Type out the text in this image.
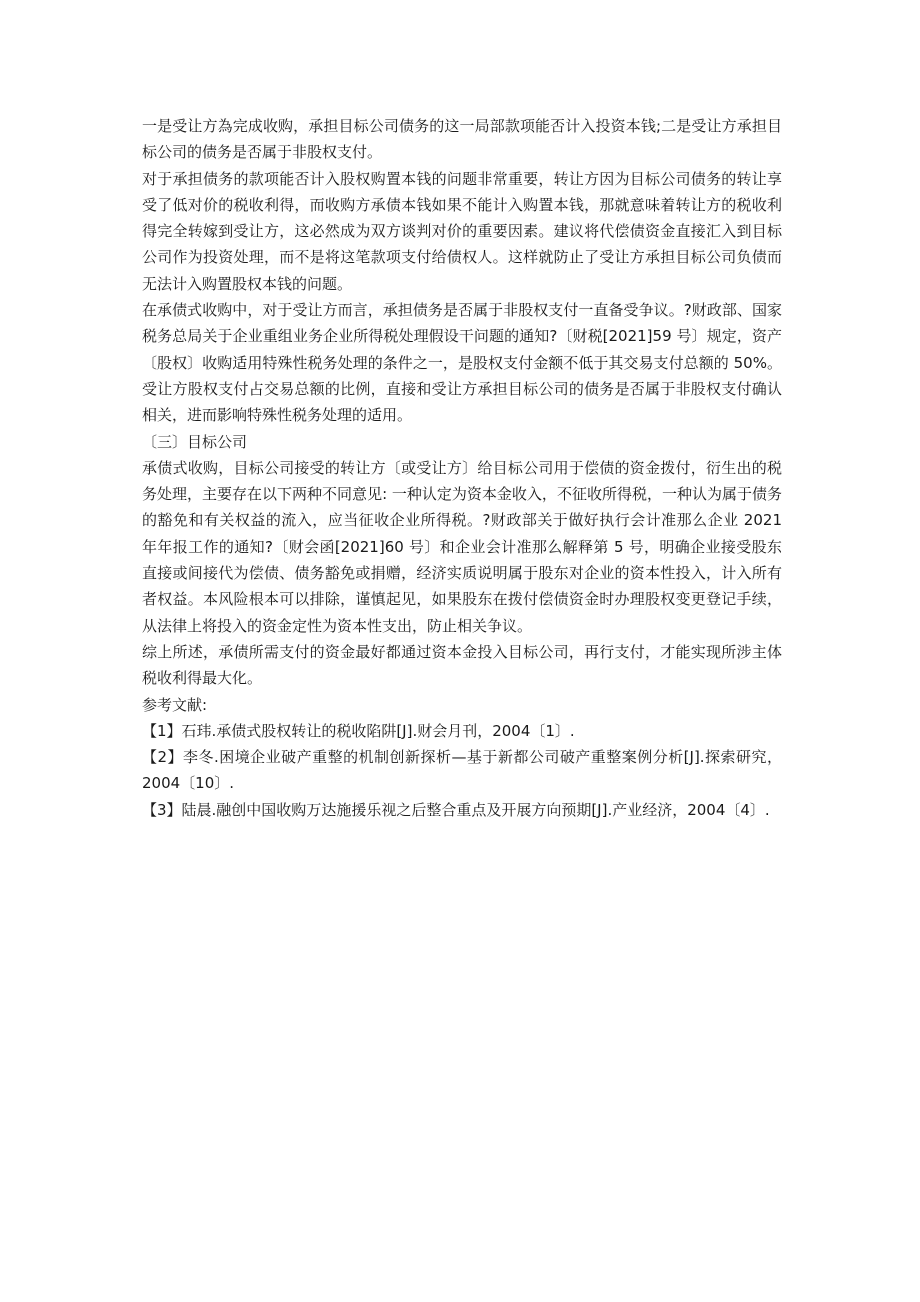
一是受让方為完成收购，承担目标公司债务的这一局部款项能否计入投资本钱;二是受让方承担目标公司的债务是否属于非股权支付。

对于承担债务的款项能否计入股权购置本钱的问题非常重要，转让方因为目标公司债务的转让享受了低对价的税收利得，而收购方承债本钱如果不能计入购置本钱，那就意味着转让方的税收利得完全转嫁到受让方，这必然成为双方谈判对价的重要因素。建议将代偿债资金直接汇入到目标公司作为投资处理，而不是将这笔款项支付给债权人。这样就防止了受让方承担目标公司负债而无法计入购置股权本钱的问题。

在承债式收购中，对于受让方而言，承担债务是否属于非股权支付一直备受争议。?财政部、国家税务总局关于企业重组业务企业所得税处理假设干问题的通知?〔财税[2021]59 号〕规定，资产〔股权〕收购适用特殊性税务处理的条件之一，是股权支付金额不低于其交易支付总额的 50%。受让方股权支付占交易总额的比例，直接和受让方承担目标公司的债务是否属于非股权支付确认相关，进而影响特殊性税务处理的适用。

〔三〕目标公司

承债式收购，目标公司接受的转让方〔或受让方〕给目标公司用于偿债的资金拨付，衍生出的税务处理，主要存在以下两种不同意见: 一种认定为资本金收入，不征收所得税，一种认为属于债务的豁免和有关权益的流入，应当征收企业所得税。?财政部关于做好执行会计准那么企业 2021 年年报工作的通知?〔财会函[2021]60 号〕和企业会计准那么解释第 5 号，明确企业接受股东直接或间接代为偿债、债务豁免或捐赠，经济实质说明属于股东对企业的资本性投入，计入所有者权益。本风险根本可以排除，谨慎起见，如果股东在拨付偿债资金时办理股权变更登记手续，从法律上将投入的资金定性为资本性支出，防止相关争议。

综上所述，承债所需支付的资金最好都通过资本金投入目标公司，再行支付，才能实现所涉主体税收利得最大化。

参考文献:

【1】石玮.承债式股权转让的税收陷阱[J].财会月刊，2004〔1〕.

【2】李冬.困境企业破产重整的机制创新探析—基于新都公司破产重整案例分析[J].探索研究，2004〔10〕.

【3】陆晨.融创中国收购万达施援乐视之后整合重点及开展方向预期[J].产业经济，2004〔4〕.
